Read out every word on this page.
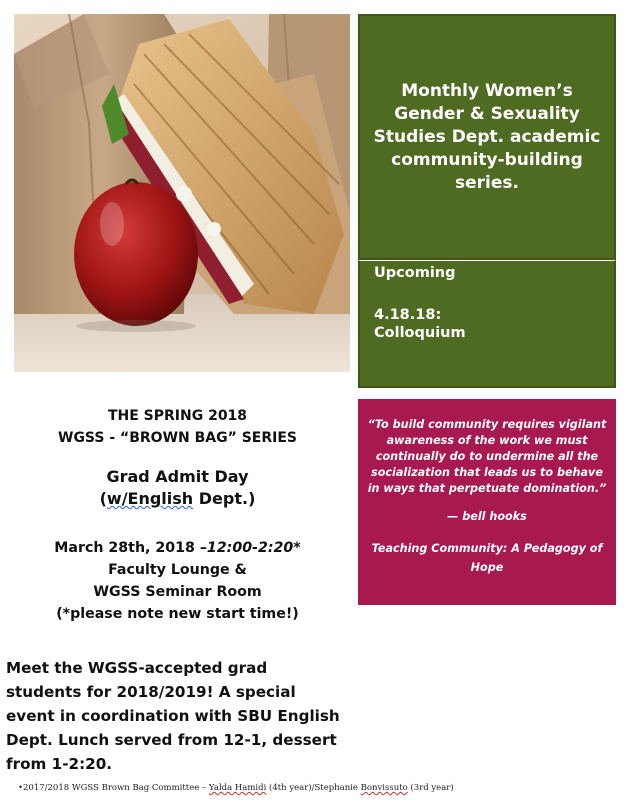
Monthly Women’s Gender & Sexuality Studies Dept. academic community-building series.
Upcoming
4.18.18:
Colloquium
“To build community requires vigilant awareness of the work we must continually do to undermine all the socialization that leads us to behave in ways that perpetuate domination.”
— bell hooks
Teaching Community: A Pedagogy of Hope
THE SPRING 2018
WGSS - “BROWN BAG” SERIES
Grad Admit Day
(w/English Dept.)
March 28th, 2018 –12:00-2:20*
Faculty Lounge &
WGSS Seminar Room
(*please note new start time!)
Meet the WGSS-accepted grad students for 2018/2019! A special event in coordination with SBU English Dept. Lunch served from 12-1, dessert from 1-2:20.
•2017/2018 WGSS Brown Bag Committee – Yalda Hamidi (4th year)/Stephanie Bonvissuto (3rd year)
